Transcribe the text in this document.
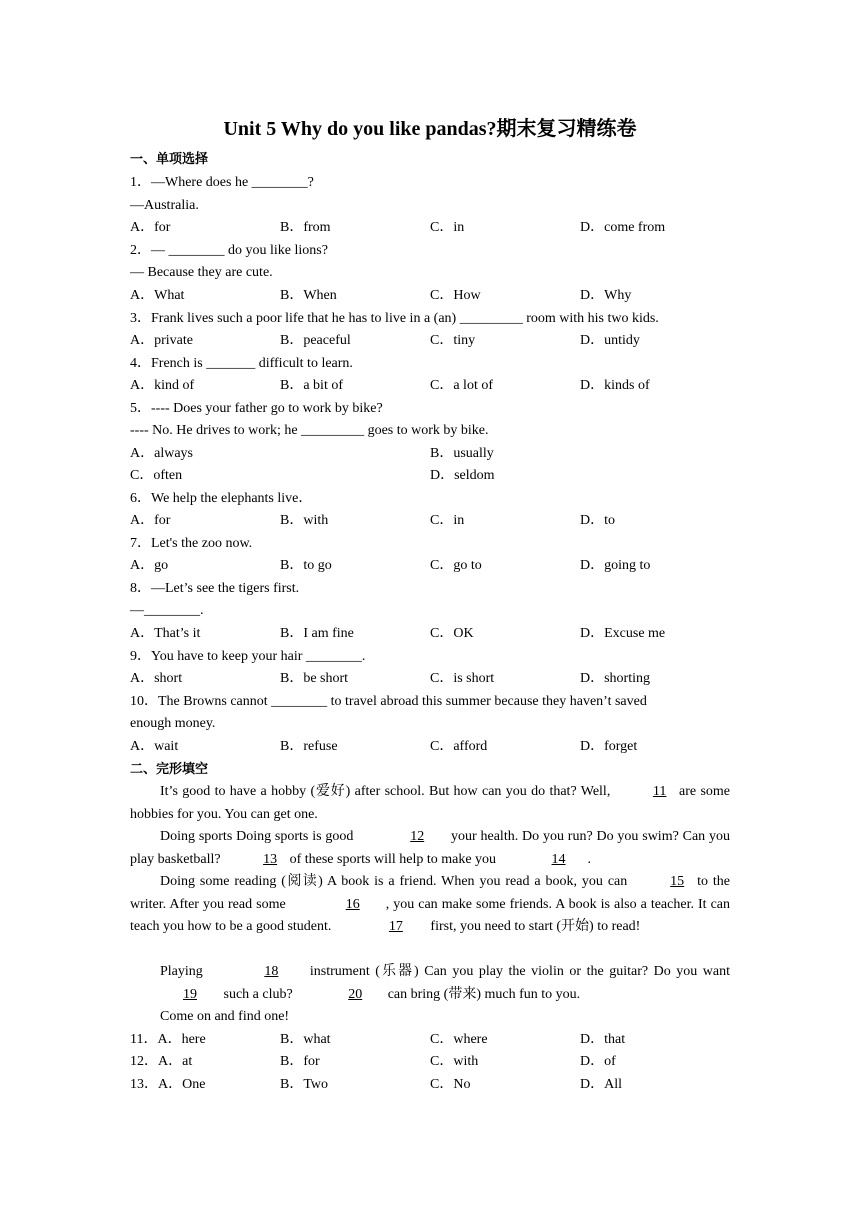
Unit 5 Why do you like pandas?期末复习精练卷
一、单项选择
1．—Where does he ________?
—Australia.
A．for	B．from	C．in	D．come from
2．— ________ do you like lions?
— Because they are cute.
A．What	B．When	C．How	D．Why
3．Frank lives such a poor life that he has to live in a (an) _________ room with his two kids.
A．private	B．peaceful	C．tiny	D．untidy
4．French is _______ difficult to learn.
A．kind of	B．a bit of	C．a lot of	D．kinds of
5．---- Does your father go to work by bike?
---- No. He drives to work; he _________ goes to work by bike.
A．always	B．usually
C．often	D．seldom
6．We help the elephants live．
A．for	B．with	C．in	D．to
7．Let's the zoo now.
A．go	B．to go	C．go to	D．going to
8．—Let’s see the tigers first.
—________.
A．That’s it	B．I am fine	C．OK	D．Excuse me
9．You have to keep your hair ________.
A．short	B．be short	C．is short	D．shorting
10．The Browns cannot ________ to travel abroad this summer because they haven’t saved
enough money.
A．wait	B．refuse	C．afford	D．forget
二、完形填空
It’s good to have a hobby (爱好) after school. But how can you do that? Well,	11 are some hobbies for you. You can get one.
Doing sports Doing sports is good	12 your health. Do you run? Do you swim? Can you play basketball?	13 of these sports will help to make you	14 .
Doing some reading (阅读) A book is a friend. When you read a book, you can	15 to the writer. After you read some	16 , you can make some friends. A book is also a teacher. It can teach you how to be a good student.	17 first, you need to start (开始) to read!
Playing	18 instrument (乐器) Can you play the violin or the guitar? Do you want 19 such a club?	20 can bring (带来) much fun to you.
Come on and find one!
11．A．here	B．what	C．where	D．that
12．A．at	B．for	C．with	D．of
13．A．One	B．Two	C．No	D．All
